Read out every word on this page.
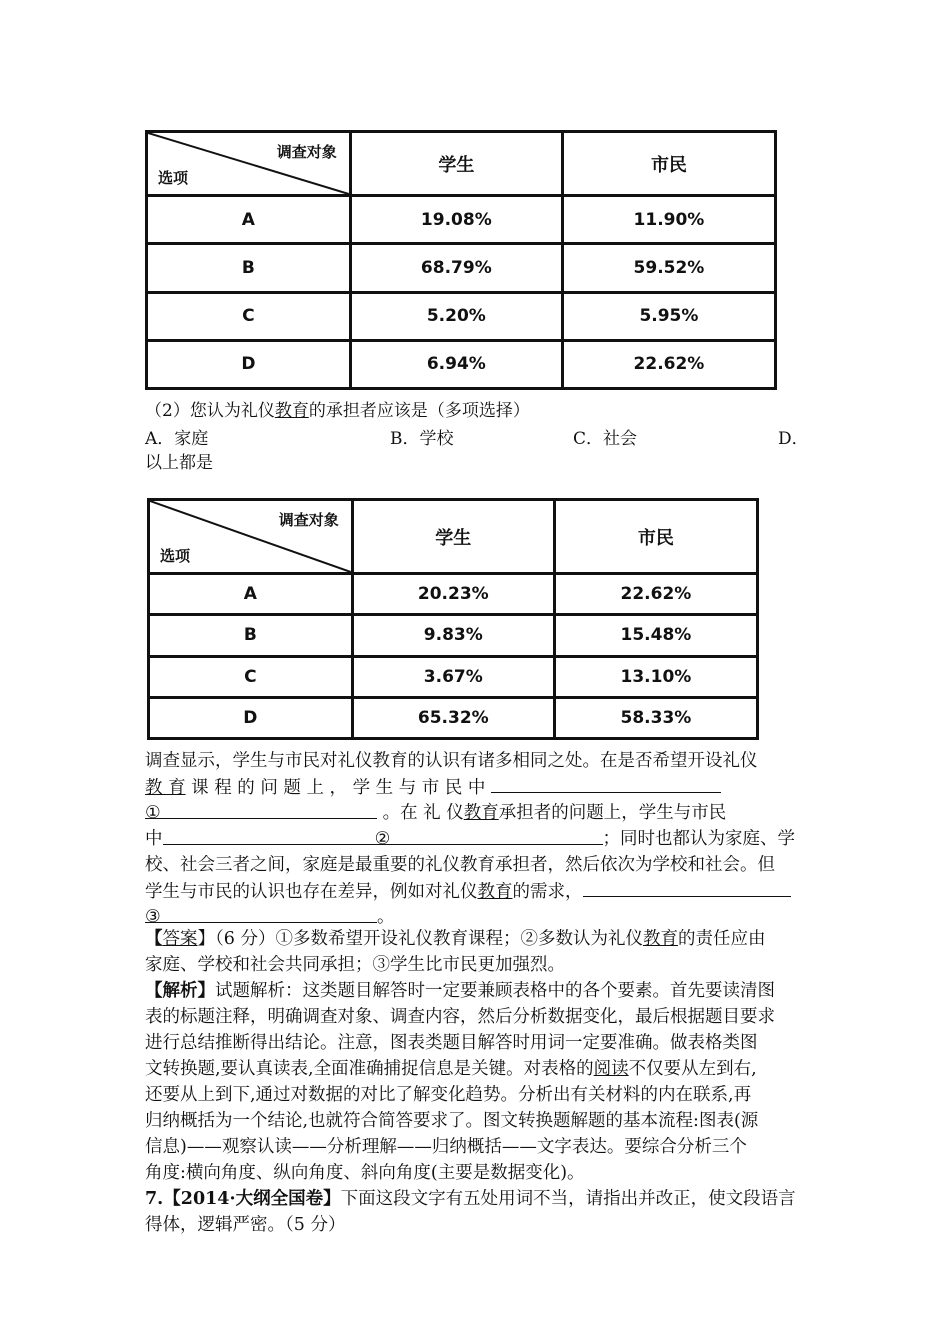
调查对象
选项	学生	市民
A	19.08%	11.90%
B	68.79%	59.52%
C	5.20%	5.95%
D	6.94%	22.62%
（2）您认为礼仪教育的承担者应该是（多项选择）
A．家庭	B．学校	C．社会	D．
以上都是
调查对象
选项	学生	市民
A	20.23%	22.62%
B	9.83%	15.48%
C	3.67%	13.10%
D	65.32%	58.33%
调查显示，学生与市民对礼仪教育的认识有诸多相同之处。在是否希望开设礼仪
教 育 课 程 的 问 题 上 ， 学 生 与 市 民 中
①	。在 礼 仪教育承担者的问题上，学生与市民
中	②	；同时也都认为家庭、学
校、社会三者之间，家庭是最重要的礼仪教育承担者，然后依次为学校和社会。但
学生与市民的认识也存在差异，例如对礼仪教育的需求，
③	。
【答案】（6 分）①多数希望开设礼仪教育课程；②多数认为礼仪教育的责任应由
家庭、学校和社会共同承担；③学生比市民更加强烈。
【解析】试题解析：这类题目解答时一定要兼顾表格中的各个要素。首先要读清图
表的标题注释，明确调查对象、调查内容，然后分析数据变化，最后根据题目要求
进行总结推断得出结论。注意，图表类题目解答时用词一定要准确。做表格类图
文转换题,要认真读表,全面准确捕捉信息是关键。对表格的阅读不仅要从左到右,
还要从上到下,通过对数据的对比了解变化趋势。分析出有关材料的内在联系,再
归纳概括为一个结论,也就符合简答要求了。图文转换题解题的基本流程:图表(源
信息)——观察认读——分析理解——归纳概括——文字表达。要综合分析三个
角度:横向角度、纵向角度、斜向角度(主要是数据变化)。
7.【2014·大纲全国卷】下面这段文字有五处用词不当，请指出并改正，使文段语言
得体，逻辑严密。（5 分）
